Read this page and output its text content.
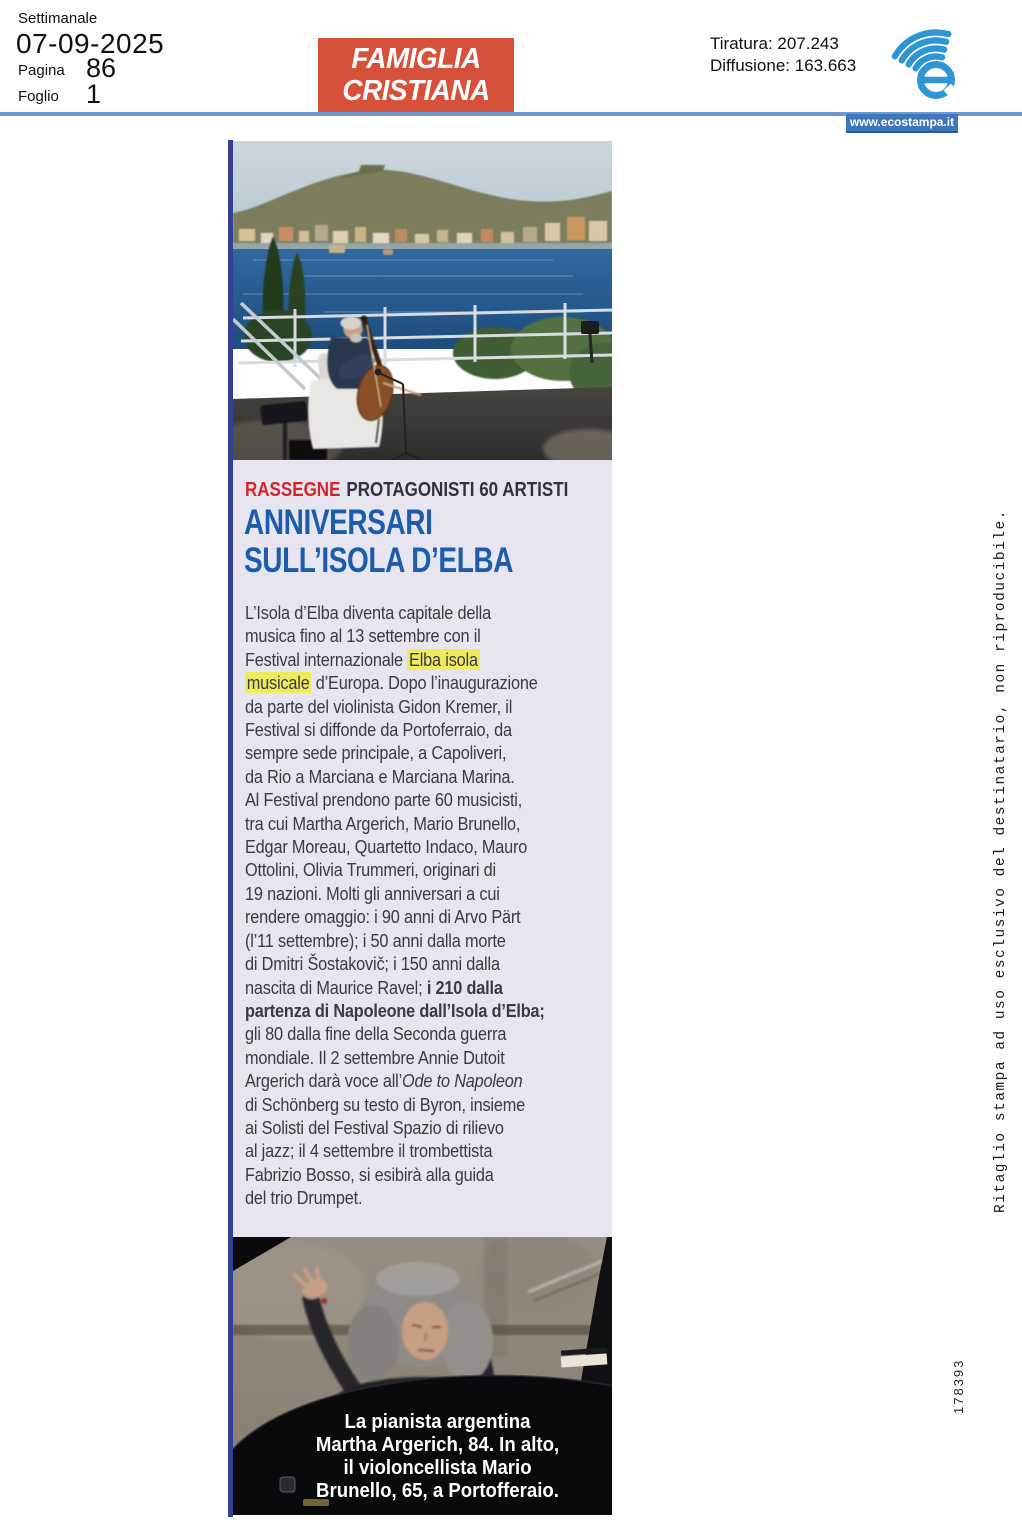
Settimanale
07-09-2025
Pagina 86
Foglio 1
FAMIGLIA
CRISTIANA
Tiratura: 207.243
Diffusione: 163.663
www.ecostampa.it
RASSEGNE PROTAGONISTI 60 ARTISTI
ANNIVERSARI
SULL’ISOLA D’ELBA
L’Isola d’Elba diventa capitale della
musica fino al 13 settembre con il
Festival internazionale Elba isola
musicale d’Europa. Dopo l’inaugurazione
da parte del violinista Gidon Kremer, il
Festival si diffonde da Portoferraio, da
sempre sede principale, a Capoliveri,
da Rio a Marciana e Marciana Marina.
Al Festival prendono parte 60 musicisti,
tra cui Martha Argerich, Mario Brunello,
Edgar Moreau, Quartetto Indaco, Mauro
Ottolini, Olivia Trummeri, originari di
19 nazioni. Molti gli anniversari a cui
rendere omaggio: i 90 anni di Arvo Pärt
(l’11 settembre); i 50 anni dalla morte
di Dmitri Šostakovič; i 150 anni dalla
nascita di Maurice Ravel; i 210 dalla
partenza di Napoleone dall’Isola d’Elba;
gli 80 dalla fine della Seconda guerra
mondiale. Il 2 settembre Annie Dutoit
Argerich darà voce all’Ode to Napoleon
di Schönberg su testo di Byron, insieme
ai Solisti del Festival Spazio di rilievo
al jazz; il 4 settembre il trombettista
Fabrizio Bosso, si esibirà alla guida
del trio Drumpet.
La pianista argentina
Martha Argerich, 84. In alto,
il violoncellista Mario
Brunello, 65, a Portofferaio.
Ritaglio stampa ad uso esclusivo del destinatario, non riproducibile.
178393
